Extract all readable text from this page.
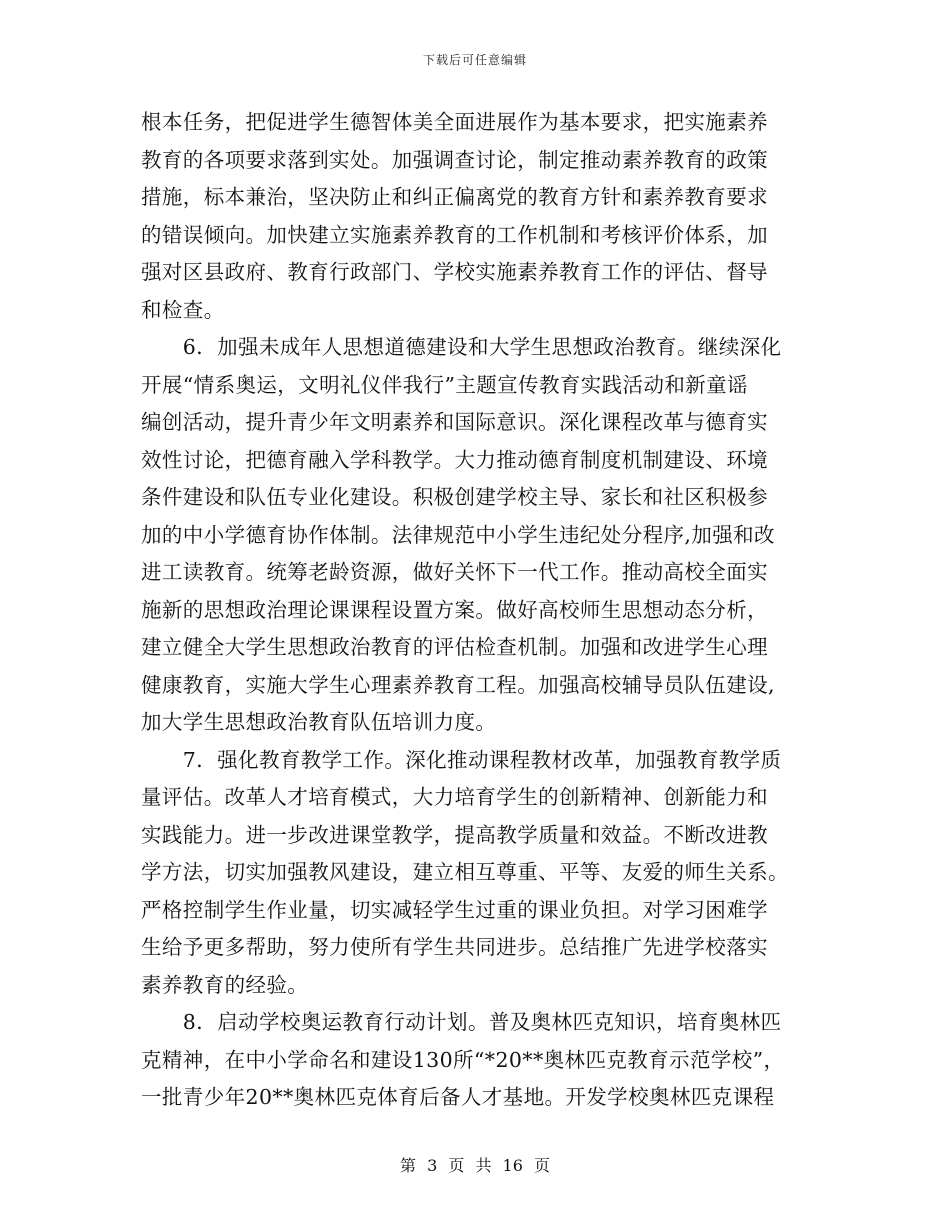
下载后可任意编辑
根本任务，把促进学生德智体美全面进展作为基本要求，把实施素养
教育的各项要求落到实处。加强调查讨论，制定推动素养教育的政策
措施，标本兼治，坚决防止和纠正偏离党的教育方针和素养教育要求
的错误倾向。加快建立实施素养教育的工作机制和考核评价体系，加
强对区县政府、教育行政部门、学校实施素养教育工作的评估、督导
和检查。
　　6．加强未成年人思想道德建设和大学生思想政治教育。继续深化
开展“情系奥运，文明礼仪伴我行”主题宣传教育实践活动和新童谣
编创活动，提升青少年文明素养和国际意识。深化课程改革与德育实
效性讨论，把德育融入学科教学。大力推动德育制度机制建设、环境
条件建设和队伍专业化建设。积极创建学校主导、家长和社区积极参
加的中小学德育协作体制。法律规范中小学生违纪处分程序,加强和改
进工读教育。统筹老龄资源，做好关怀下一代工作。推动高校全面实
施新的思想政治理论课课程设置方案。做好高校师生思想动态分析，
建立健全大学生思想政治教育的评估检查机制。加强和改进学生心理
健康教育，实施大学生心理素养教育工程。加强高校辅导员队伍建设,
加大学生思想政治教育队伍培训力度。
　　7．强化教育教学工作。深化推动课程教材改革，加强教育教学质
量评估。改革人才培育模式，大力培育学生的创新精神、创新能力和
实践能力。进一步改进课堂教学，提高教学质量和效益。不断改进教
学方法，切实加强教风建设，建立相互尊重、平等、友爱的师生关系。
严格控制学生作业量，切实减轻学生过重的课业负担。对学习困难学
生给予更多帮助，努力使所有学生共同进步。总结推广先进学校落实
素养教育的经验。
　　8．启动学校奥运教育行动计划。普及奥林匹克知识，培育奥林匹
克精神，在中小学命名和建设130所“*20**奥林匹克教育示范学校”，
一批青少年20**奥林匹克体育后备人才基地。开发学校奥林匹克课程
第 3 页 共 16 页
